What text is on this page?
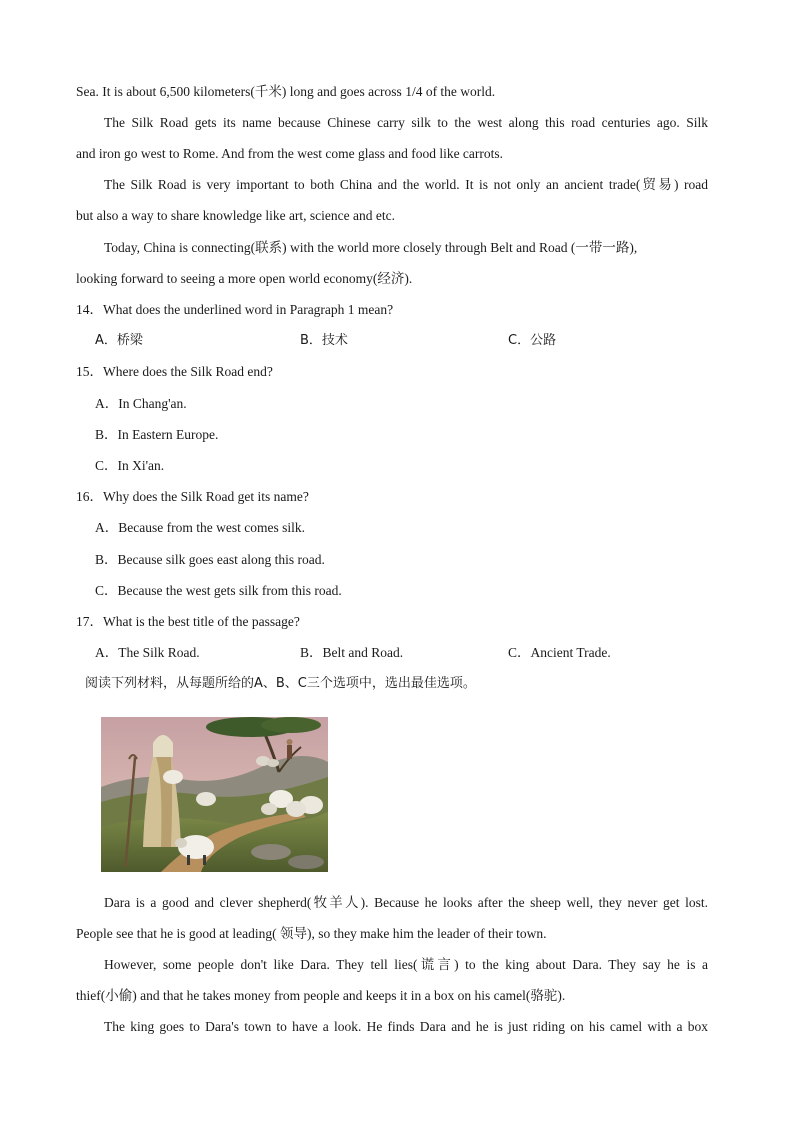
Sea. It is about 6,500 kilometers(千米) long and goes across 1/4 of the world.
The Silk Road gets its name because Chinese carry silk to the west along this road centuries ago. Silk
and iron go west to Rome. And from the west come glass and food like carrots.
The Silk Road is very important to both China and the world. It is not only an ancient trade(贸易) road
but also a way to share knowledge like art, science and etc.
Today, China is connecting(联系) with the world more closely through Belt and Road (一带一路),
looking forward to seeing a more open world economy(经济).
14．What does the underlined word in Paragraph 1 mean?
A．桥梁	B．技术	C．公路
15．Where does the Silk Road end?
A．In Chang'an.
B．In Eastern Europe.
C．In Xi'an.
16．Why does the Silk Road get its name?
A．Because from the west comes silk.
B．Because silk goes east along this road.
C．Because the west gets silk from this road.
17．What is the best title of the passage?
A．The Silk Road.	B．Belt and Road.	C．Ancient Trade.
阅读下列材料，从每题所给的A、B、C三个选项中，选出最佳选项。
Dara is a good and clever shepherd(牧羊人). Because he looks after the sheep well, they never get lost.
People see that he is good at leading( 领导), so they make him the leader of their town.
However, some people don't like Dara. They tell lies(谎言) to the king about Dara. They say he is a
thief(小偷) and that he takes money from people and keeps it in a box on his camel(骆驼).
The king goes to Dara's town to have a look. He finds Dara and he is just riding on his camel with a box
